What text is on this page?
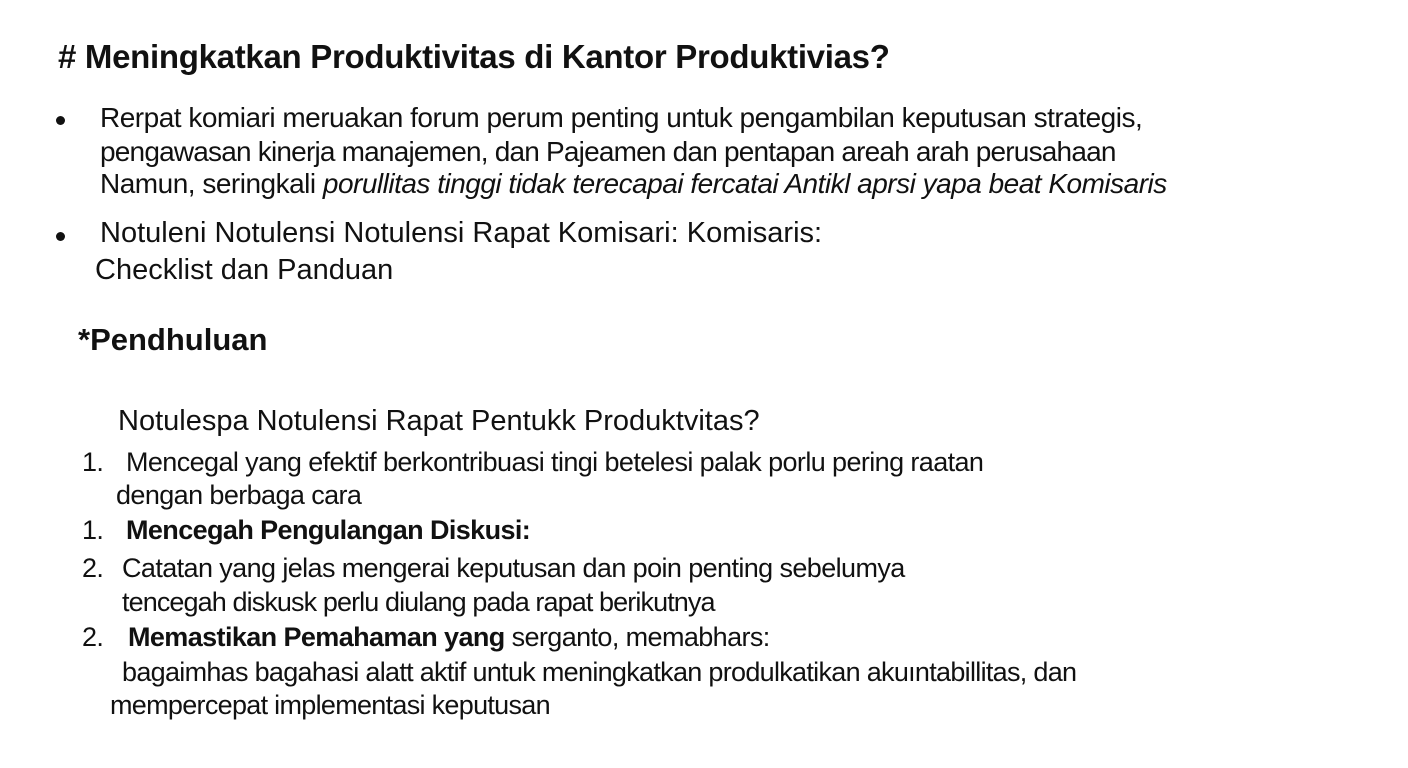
# Meningkatkan Produktivitas di Kantor Produktivias?
Rerpat komiari meruakan forum perum penting untuk pengambilan keputusan strategis,
pengawasan kinerja manajemen, dan Pajeamen dan pentapan areah arah perusahaan
Namun, seringkali porullitas tinggi tidak terecapai fercatai Antikl aprsi yapa beat Komisaris
Notuleni Notulensi Notulensi Rapat Komisari: Komisaris:
Checklist dan Panduan
*Pendhuluan
Notulespa Notulensi Rapat Pentukk Produktvitas?
1. Mencegal yang efektif berkontribuasi tingi betelesi palak porlu pering raatan
dengan berbaga cara
1. Mencegah Pengulangan Diskusi:
2. Catatan yang jelas mengerai keputusan dan poin penting sebelumya
tencegah diskusk perlu diulang pada rapat berikutnya
2. Memastikan Pemahaman yang serganto, memabhars:
bagaimhas bagahasi alatt aktif untuk meningkatkan produlkatikan akuıntabillitas, dan
mempercepat implementasi keputusan
